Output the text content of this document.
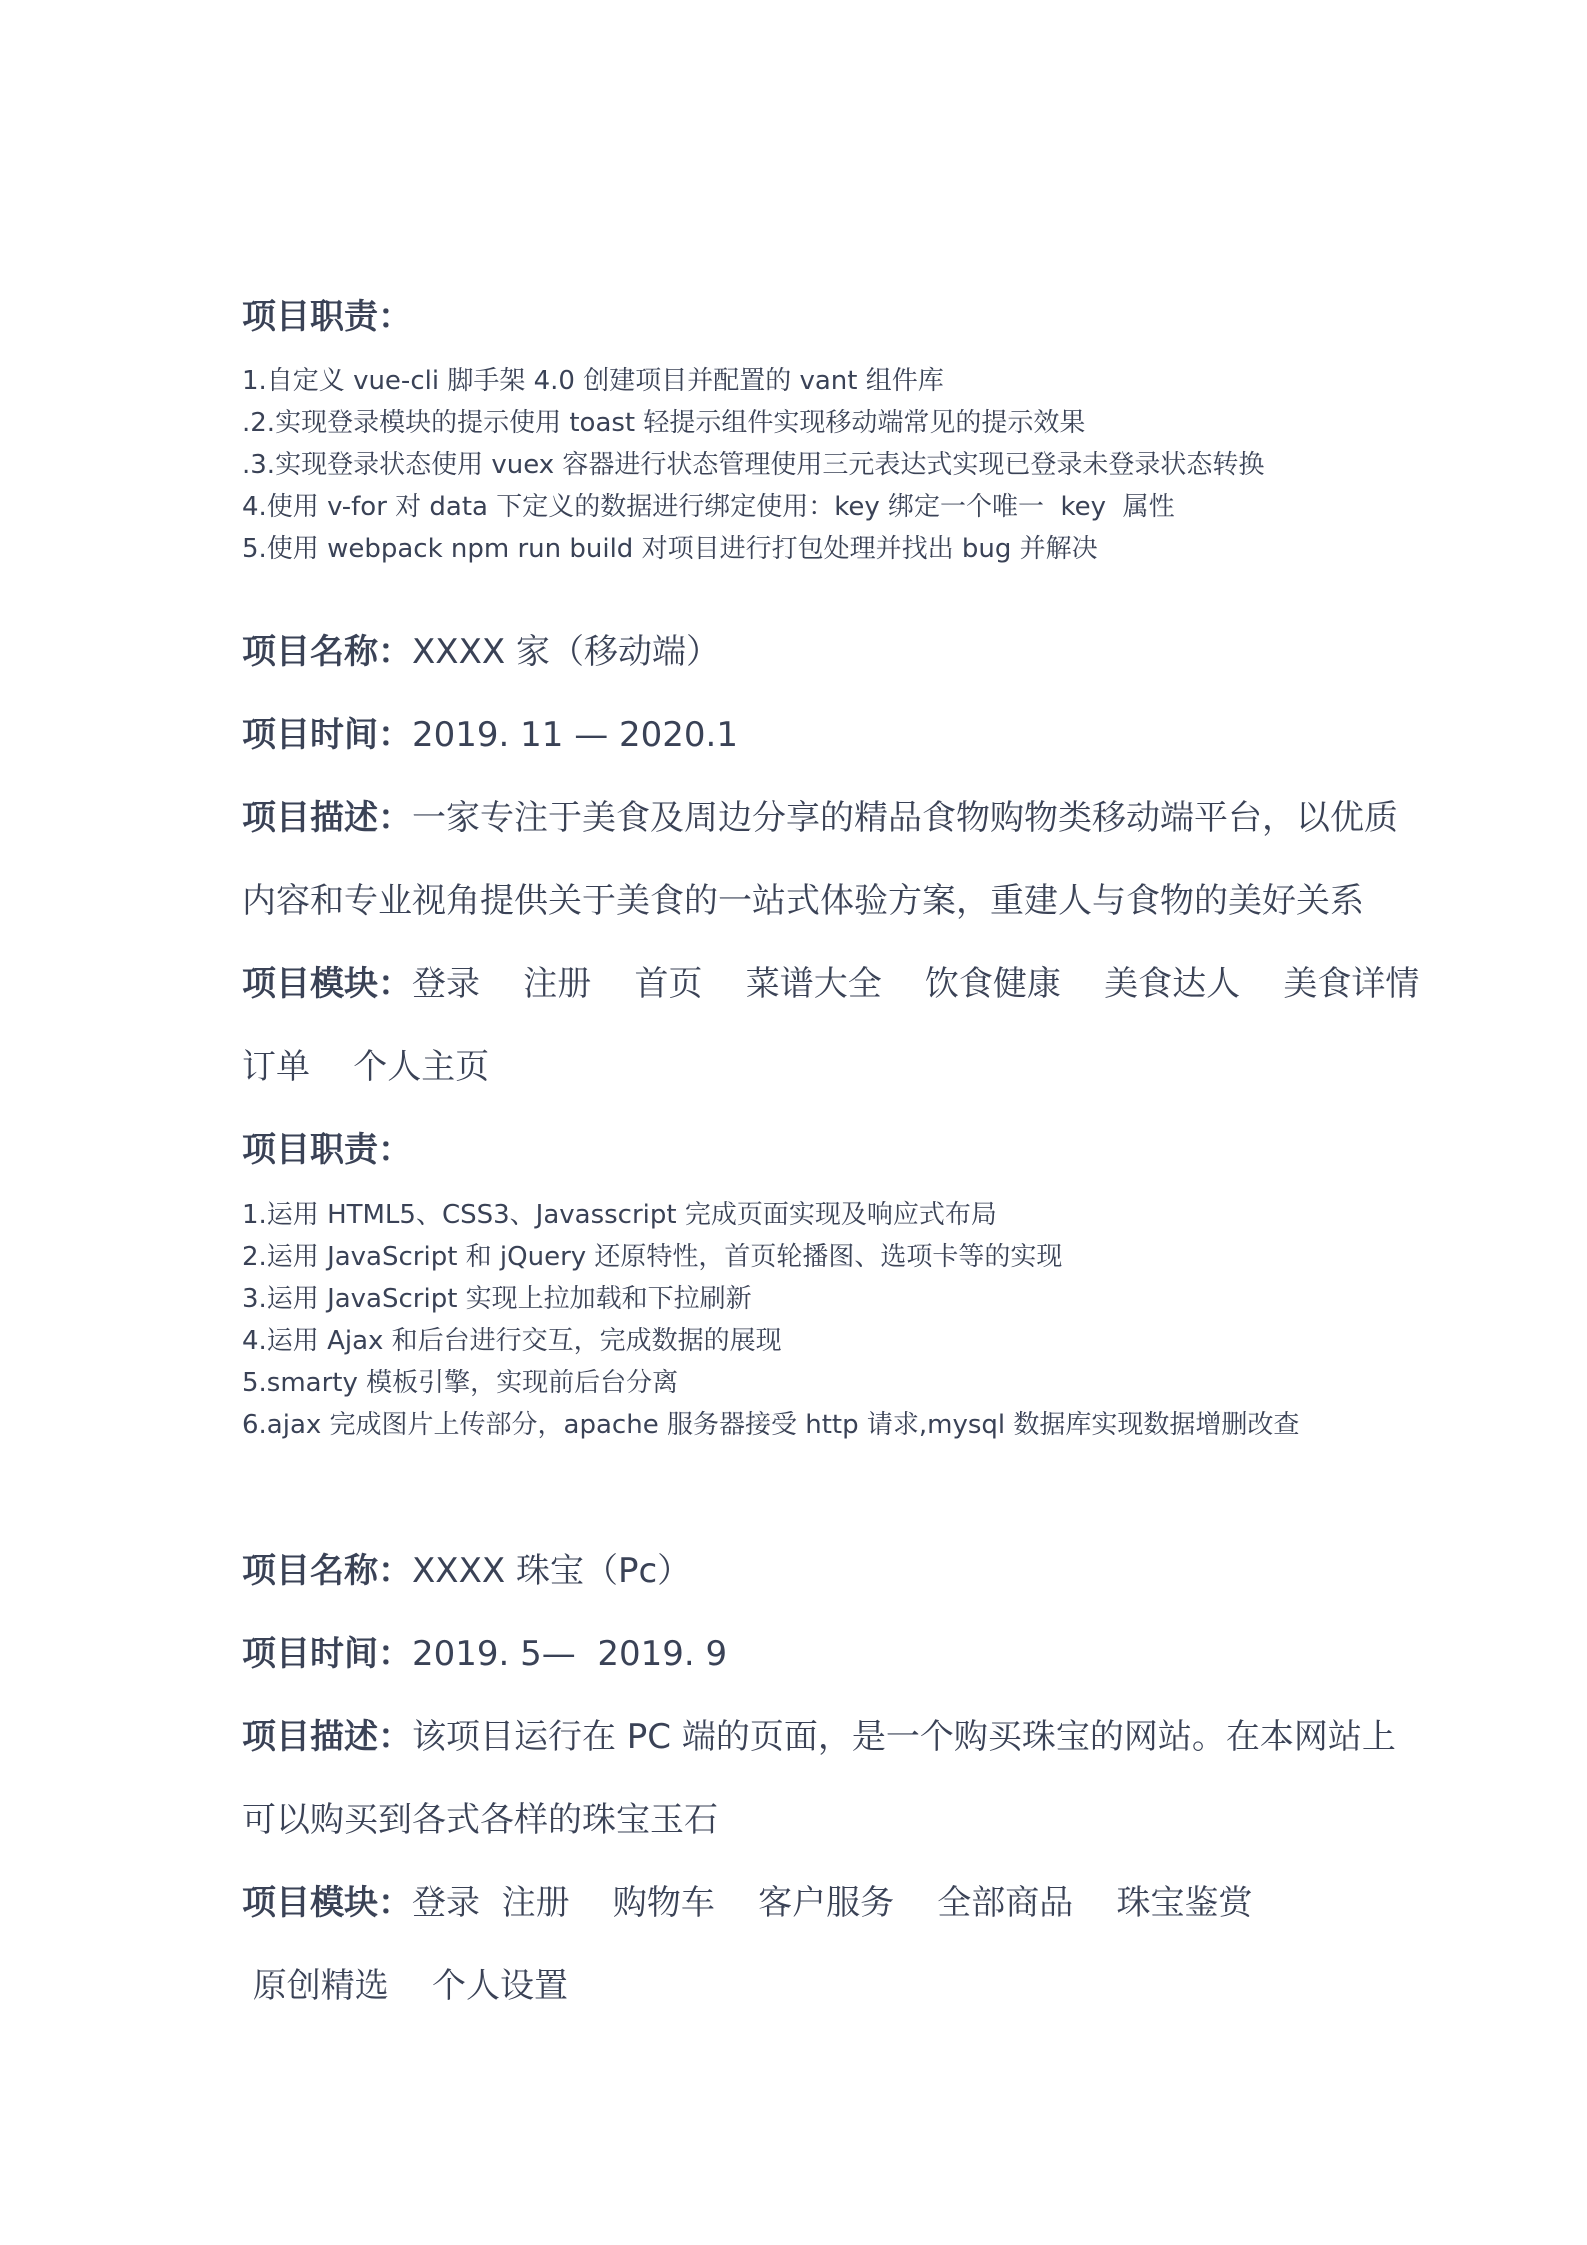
项目职责：
1.自定义 vue-cli 脚手架 4.0 创建项目并配置的 vant 组件库
.2.实现登录模块的提示使用 toast 轻提示组件实现移动端常见的提示效果
.3.实现登录状态使用 vuex 容器进行状态管理使用三元表达式实现已登录未登录状态转换
4.使用 v-for 对 data 下定义的数据进行绑定使用：key 绑定一个唯一  key  属性
5.使用 webpack npm run build 对项目进行打包处理并找出 bug 并解决
项目名称：XXXX 家（移动端）
项目时间：2019. 11 — 2020.1
项目描述：一家专注于美食及周边分享的精品食物购物类移动端平台，以优质
内容和专业视角提供关于美食的一站式体验方案，重建人与食物的美好关系
项目模块：登录    注册    首页    菜谱大全    饮食健康    美食达人    美食详情
订单    个人主页
项目职责：
1.运用 HTML5、CSS3、Javasscript 完成页面实现及响应式布局
2.运用 JavaScript 和 jQuery 还原特性，首页轮播图、选项卡等的实现
3.运用 JavaScript 实现上拉加载和下拉刷新
4.运用 Ajax 和后台进行交互，完成数据的展现
5.smarty 模板引擎，实现前后台分离
6.ajax 完成图片上传部分，apache 服务器接受 http 请求,mysql 数据库实现数据增删改查
项目名称：XXXX 珠宝（Pc）
项目时间：2019. 5—  2019. 9
项目描述：该项目运行在 PC 端的页面，是一个购买珠宝的网站。在本网站上
可以购买到各式各样的珠宝玉石
项目模块：登录  注册    购物车    客户服务    全部商品    珠宝鉴赏
原创精选    个人设置
